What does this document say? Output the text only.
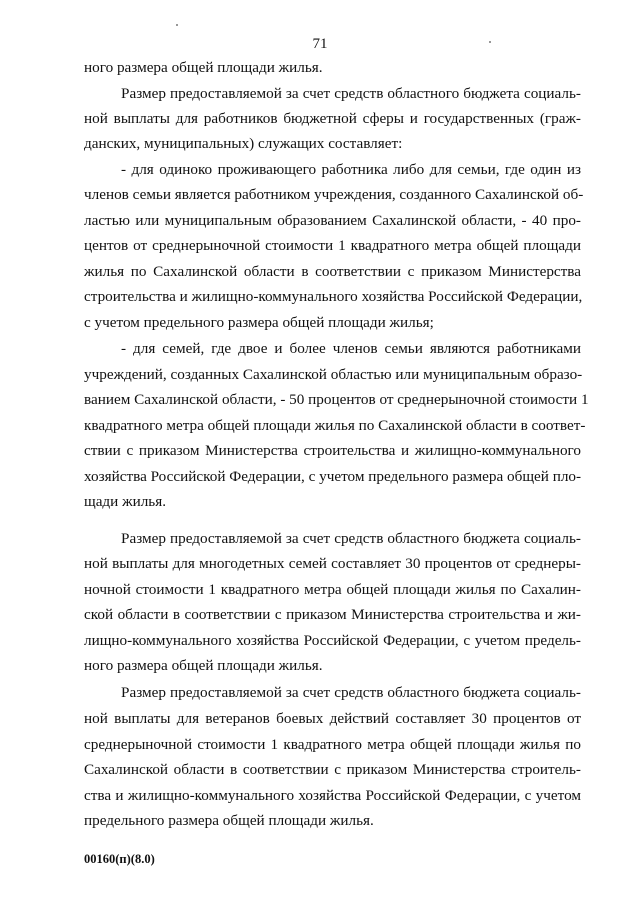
71
ного размера общей площади жилья.
Размер предоставляемой за счет средств областного бюджета социаль-
ной выплаты для работников бюджетной сферы и государственных (граж-
данских, муниципальных) служащих составляет:
- для одиноко проживающего работника либо для семьи, где один из
членов семьи является работником учреждения, созданного Сахалинской об-
ластью или муниципальным образованием Сахалинской области, - 40 про-
центов от среднерыночной стоимости 1 квадратного метра общей площади
жилья по Сахалинской области в соответствии с приказом Министерства
строительства и жилищно-коммунального хозяйства Российской Федерации,
с учетом предельного размера общей площади жилья;
- для семей, где двое и более членов семьи являются работниками
учреждений, созданных Сахалинской областью или муниципальным образо-
ванием Сахалинской области, - 50 процентов от среднерыночной стоимости 1
квадратного метра общей площади жилья по Сахалинской области в соответ-
ствии с приказом Министерства строительства и жилищно-коммунального
хозяйства Российской Федерации, с учетом предельного размера общей пло-
щади жилья.
Размер предоставляемой за счет средств областного бюджета социаль-
ной выплаты для многодетных семей составляет 30 процентов от среднеры-
ночной стоимости 1 квадратного метра общей площади жилья по Сахалин-
ской области в соответствии с приказом Министерства строительства и жи-
лищно-коммунального хозяйства Российской Федерации, с учетом предель-
ного размера общей площади жилья.
Размер предоставляемой за счет средств областного бюджета социаль-
ной выплаты для ветеранов боевых действий составляет 30 процентов от
среднерыночной стоимости 1 квадратного метра общей площади жилья по
Сахалинской области в соответствии с приказом Министерства строитель-
ства и жилищно-коммунального хозяйства Российской Федерации, с учетом
предельного размера общей площади жилья.
00160(п)(8.0)
